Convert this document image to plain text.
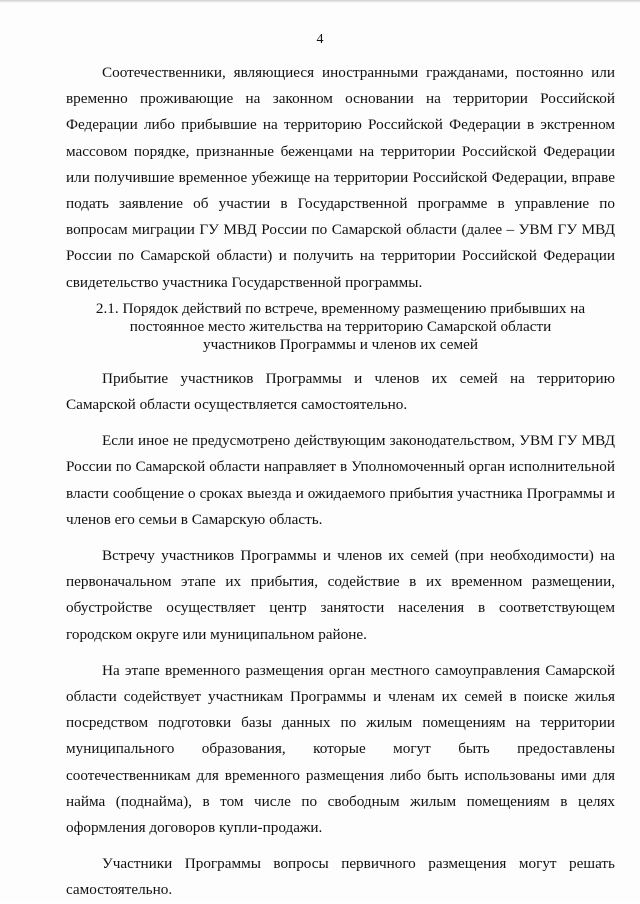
4

Соотечественники, являющиеся иностранными гражданами, постоянно или временно проживающие на законном основании на территории Российской Федерации либо прибывшие на территорию Российской Федерации в экстренном массовом порядке, признанные беженцами на территории Российской Федерации или получившие временное убежище на территории Российской Федерации, вправе подать заявление об участии в Государственной программе в управление по вопросам миграции ГУ МВД России по Самарской области (далее – УВМ ГУ МВД России по Самарской области) и получить на территории Российской Федерации свидетельство участника Государственной программы.

2.1. Порядок действий по встрече, временному размещению прибывших на
постоянное место жительства на территорию Самарской области
участников Программы и членов их семей

Прибытие участников Программы и членов их семей на территорию Самарской области осуществляется самостоятельно.

Если иное не предусмотрено действующим законодательством, УВМ ГУ МВД России по Самарской области направляет в Уполномоченный орган исполнительной власти сообщение о сроках выезда и ожидаемого прибытия участника Программы и членов его семьи в Самарскую область.

Встречу участников Программы и членов их семей (при необходимости) на первоначальном этапе их прибытия, содействие в их временном размещении, обустройстве осуществляет центр занятости населения в соответствующем городском округе или муниципальном районе.

На этапе временного размещения орган местного самоуправления Самарской области содействует участникам Программы и членам их семей в поиске жилья посредством подготовки базы данных по жилым помещениям на территории муниципального образования, которые могут быть предоставлены соотечественникам для временного размещения либо быть использованы ими для найма (поднайма), в том числе по свободным жилым помещениям в целях оформления договоров купли-продажи.

Участники Программы вопросы первичного размещения могут решать самостоятельно.
